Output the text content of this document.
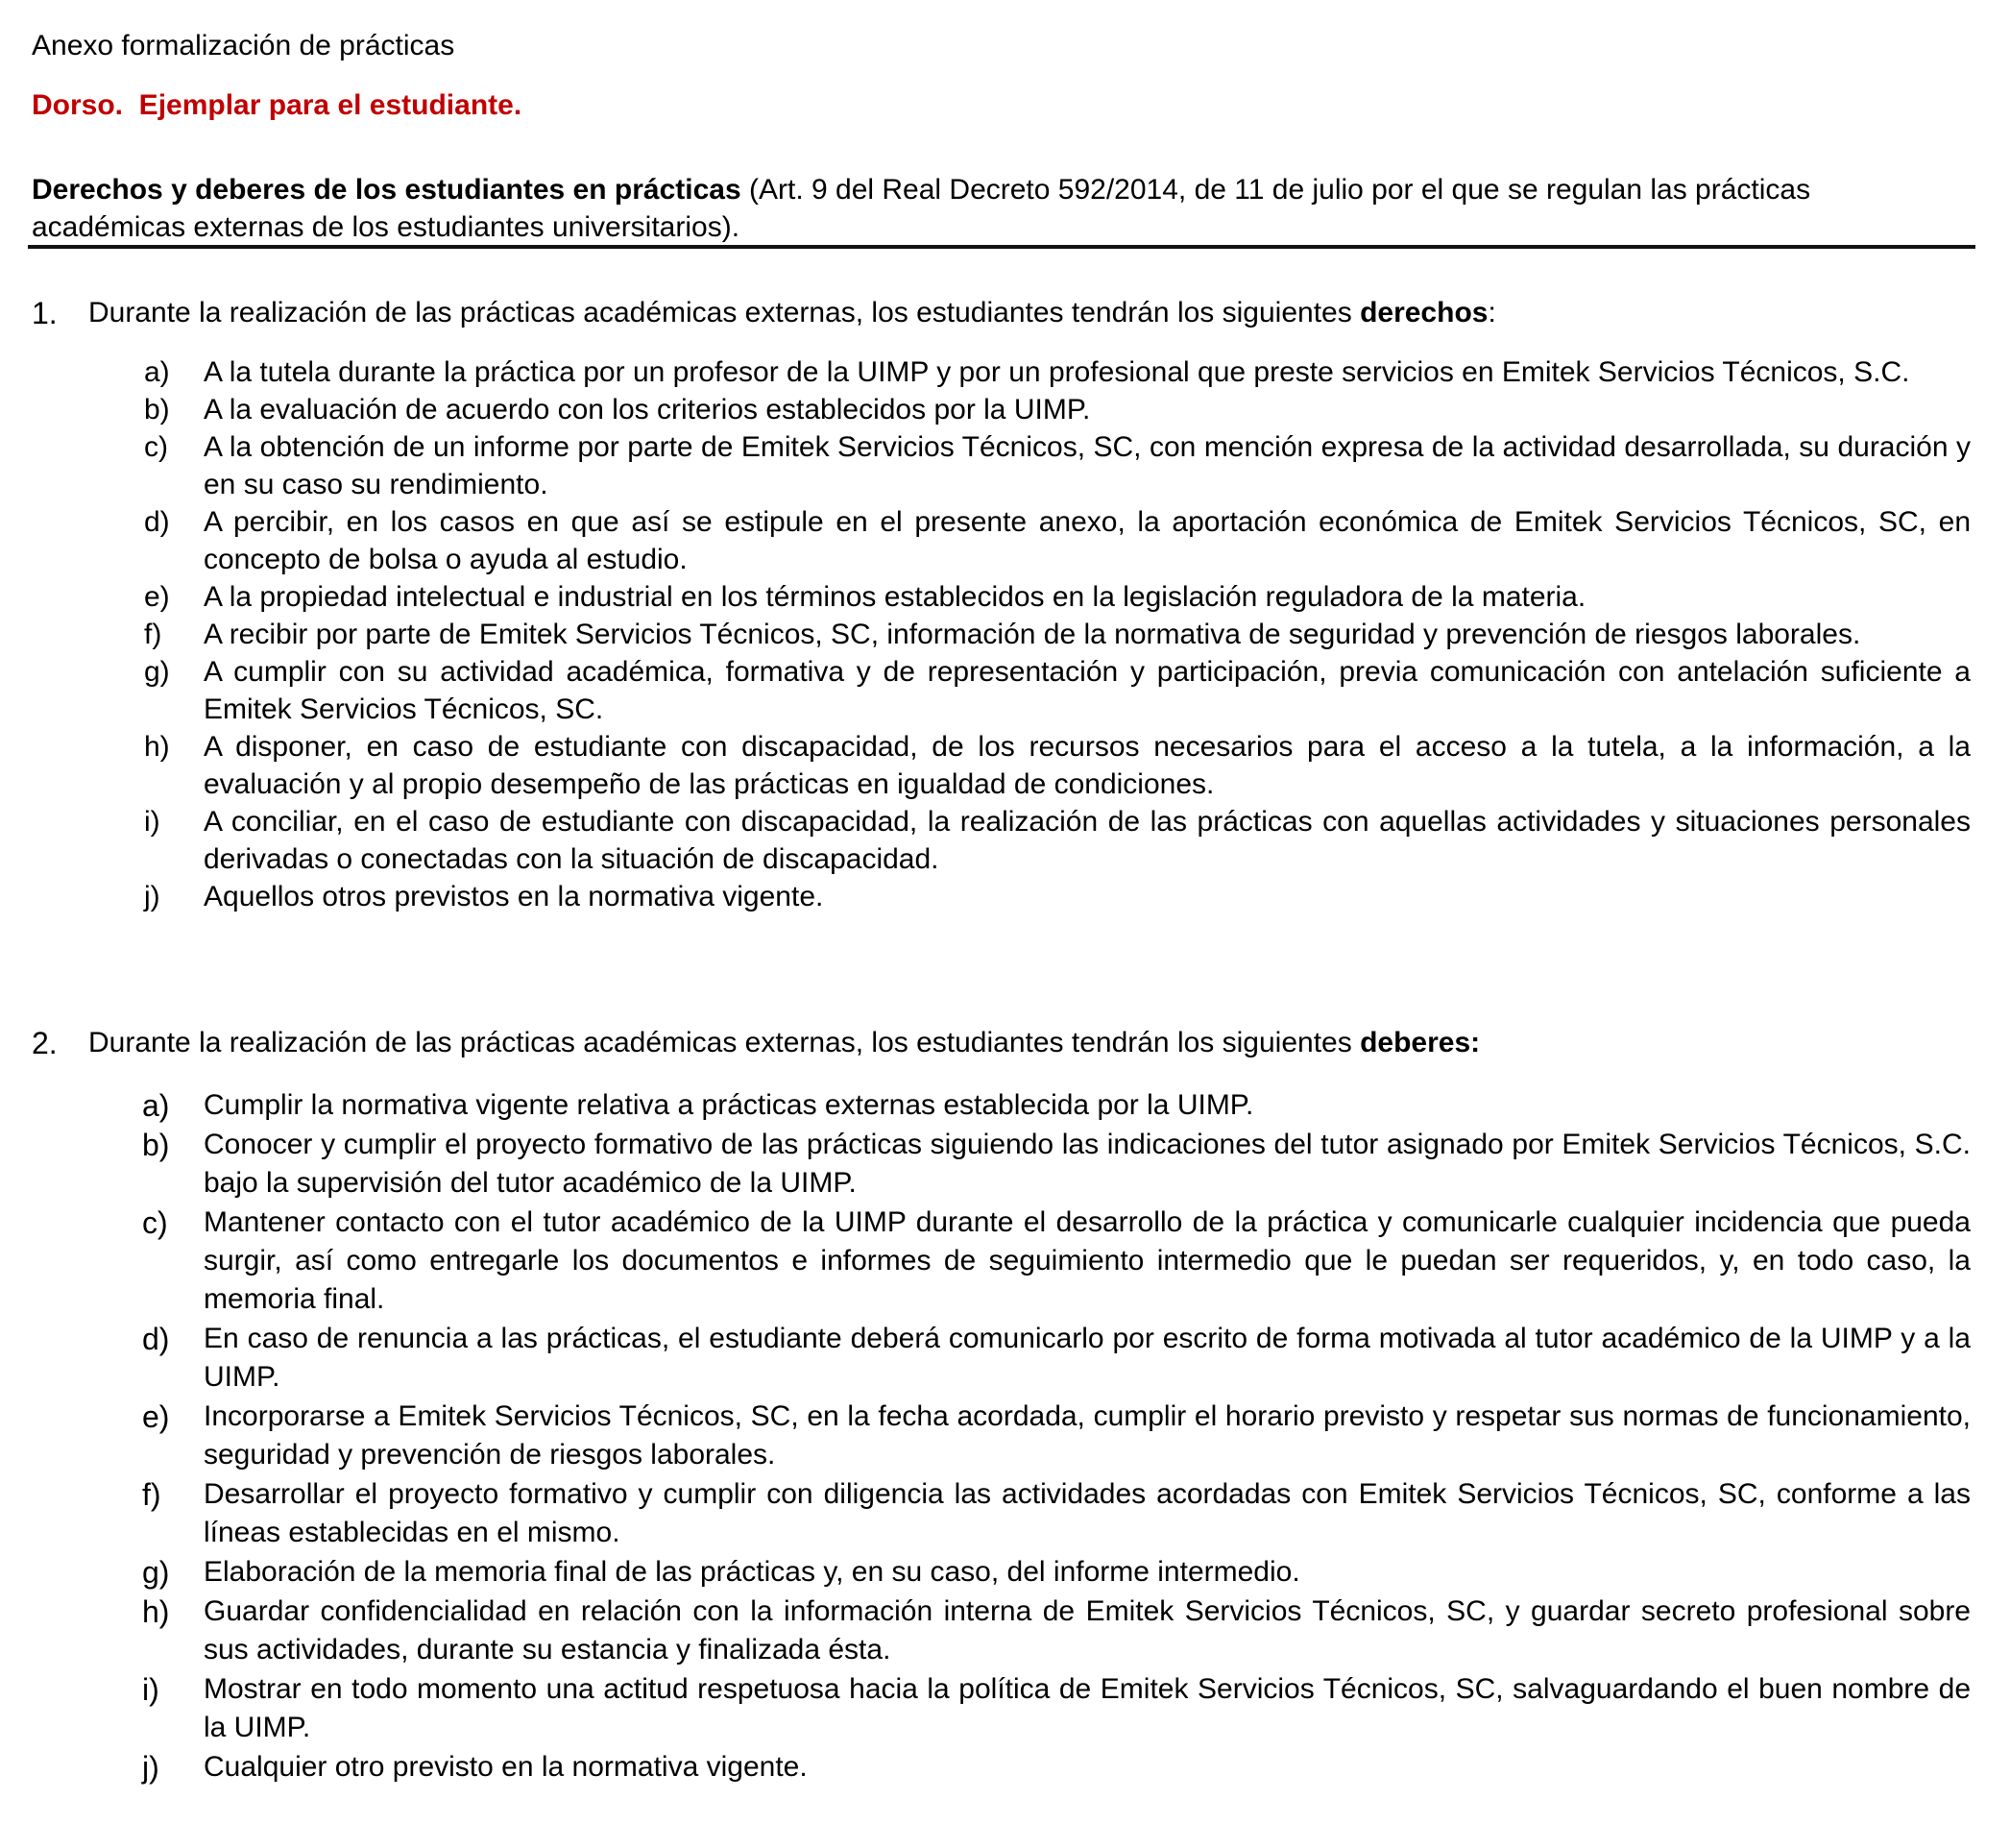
Anexo formalización de prácticas
Dorso.  Ejemplar para el estudiante.
Derechos y deberes de los estudiantes en prácticas (Art. 9 del Real Decreto 592/2014, de 11 de julio por el que se regulan las prácticas académicas externas de los estudiantes universitarios).
1. Durante la realización de las prácticas académicas externas, los estudiantes tendrán los siguientes derechos:
a) A la tutela durante la práctica por un profesor de la UIMP y por un profesional que preste servicios en Emitek Servicios Técnicos, S.C.
b) A la evaluación de acuerdo con los criterios establecidos por la UIMP.
c) A la obtención de un informe por parte de Emitek Servicios Técnicos, SC, con mención expresa de la actividad desarrollada, su duración y en su caso su rendimiento.
d) A percibir, en los casos en que así se estipule en el presente anexo, la aportación económica de Emitek Servicios Técnicos, SC, en concepto de bolsa o ayuda al estudio.
e) A la propiedad intelectual e industrial en los términos establecidos en la legislación reguladora de la materia.
f) A recibir por parte de Emitek Servicios Técnicos, SC, información de la normativa de seguridad y prevención de riesgos laborales.
g) A cumplir con su actividad académica, formativa y de representación y participación, previa comunicación con antelación suficiente a Emitek Servicios Técnicos, SC.
h) A disponer, en caso de estudiante con discapacidad, de los recursos necesarios para el acceso a la tutela, a la información, a la evaluación y al propio desempeño de las prácticas en igualdad de condiciones.
i) A conciliar, en el caso de estudiante con discapacidad, la realización de las prácticas con aquellas actividades y situaciones personales derivadas o conectadas con la situación de discapacidad.
j) Aquellos otros previstos en la normativa vigente.
2. Durante la realización de las prácticas académicas externas, los estudiantes tendrán los siguientes deberes:
a) Cumplir la normativa vigente relativa a prácticas externas establecida por la UIMP.
b) Conocer y cumplir el proyecto formativo de las prácticas siguiendo las indicaciones del tutor asignado por Emitek Servicios Técnicos, S.C. bajo la supervisión del tutor académico de la UIMP.
c) Mantener contacto con el tutor académico de la UIMP durante el desarrollo de la práctica y comunicarle cualquier incidencia que pueda surgir, así como entregarle los documentos e informes de seguimiento intermedio que le puedan ser requeridos, y, en todo caso, la memoria final.
d) En caso de renuncia a las prácticas, el estudiante deberá comunicarlo por escrito de forma motivada al tutor académico de la UIMP y a la UIMP.
e) Incorporarse a Emitek Servicios Técnicos, SC, en la fecha acordada, cumplir el horario previsto y respetar sus normas de funcionamiento, seguridad y prevención de riesgos laborales.
f) Desarrollar el proyecto formativo y cumplir con diligencia las actividades acordadas con Emitek Servicios Técnicos, SC, conforme a las líneas establecidas en el mismo.
g) Elaboración de la memoria final de las prácticas y, en su caso, del informe intermedio.
h) Guardar confidencialidad en relación con la información interna de Emitek Servicios Técnicos, SC, y guardar secreto profesional sobre sus actividades, durante su estancia y finalizada ésta.
i) Mostrar en todo momento una actitud respetuosa hacia la política de Emitek Servicios Técnicos, SC, salvaguardando el buen nombre de la UIMP.
j) Cualquier otro previsto en la normativa vigente.
